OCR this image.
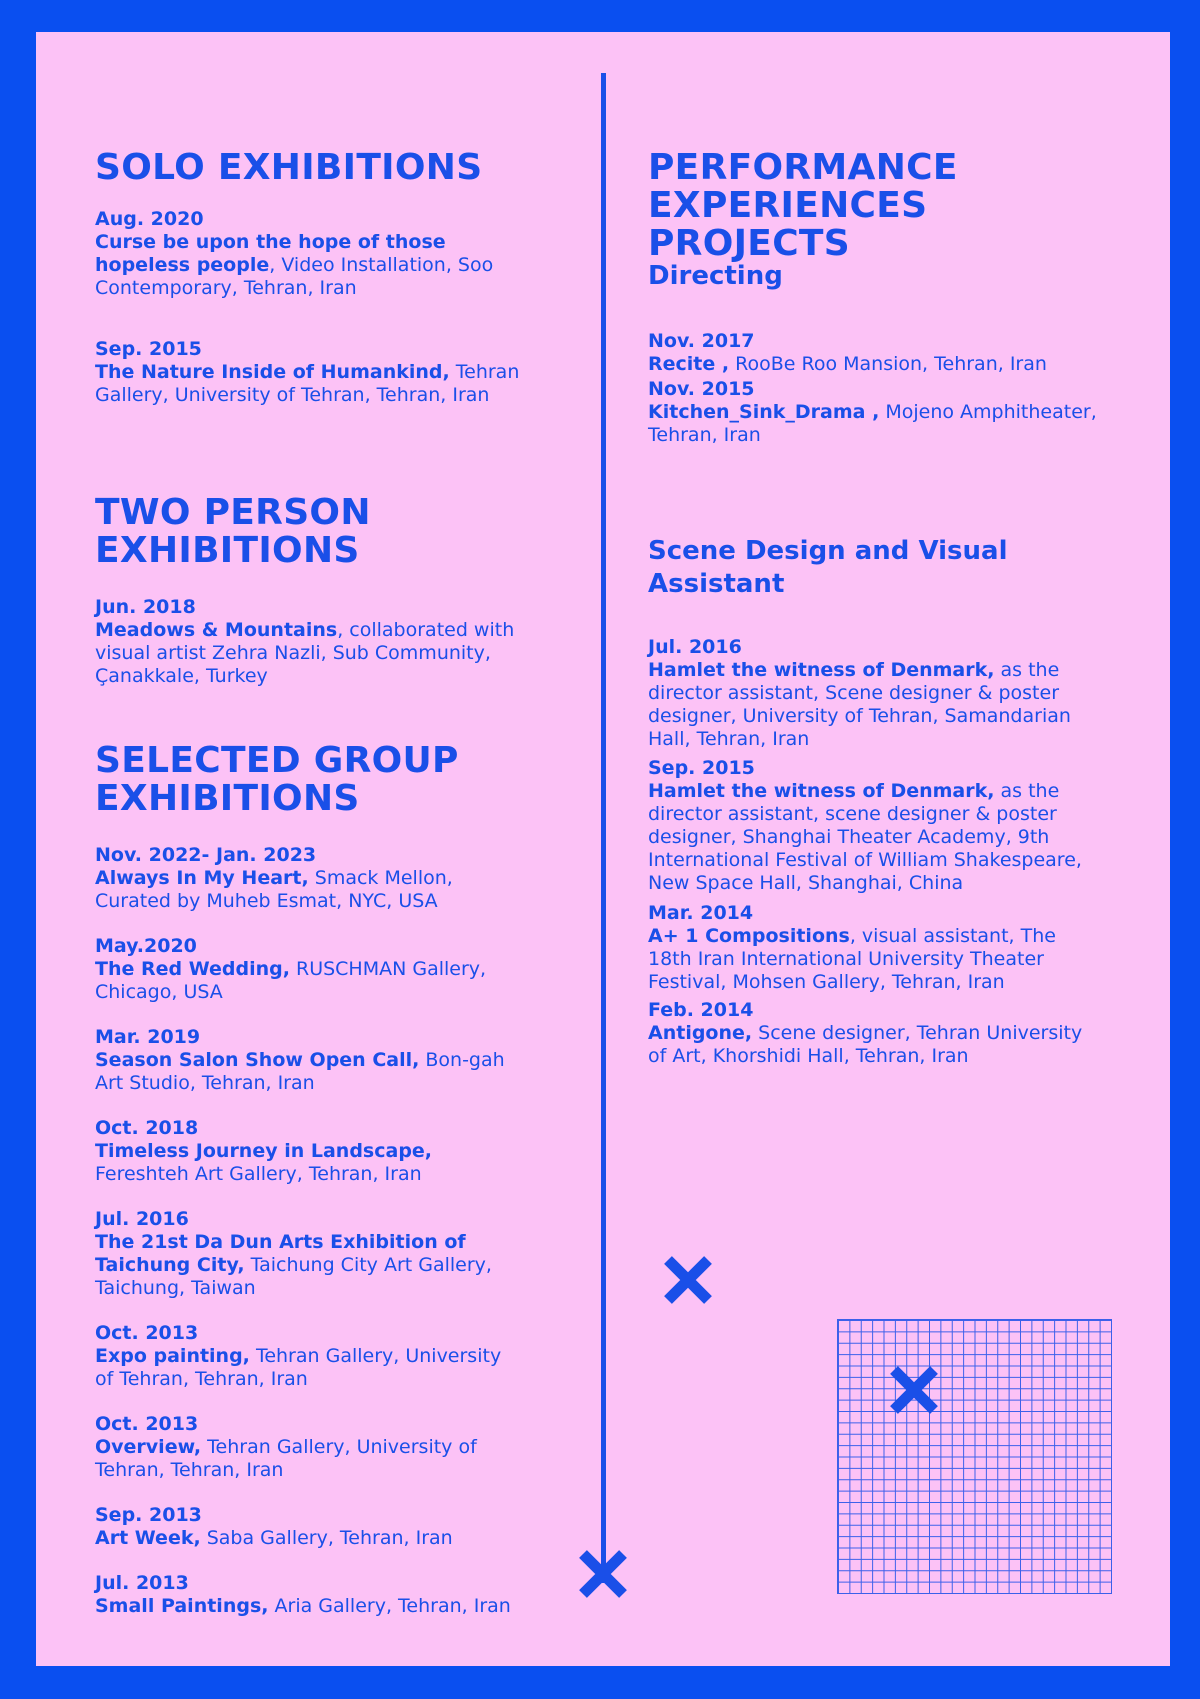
SOLO EXHIBITIONS
Aug. 2020
Curse be upon the hope of those hopeless people, Video Installation, Soo Contemporary, Tehran, Iran
Sep. 2015
The Nature Inside of Humankind, Tehran Gallery, University of Tehran, Tehran, Iran
TWO PERSON EXHIBITIONS
Jun. 2018
Meadows & Mountains, collaborated with visual artist Zehra Nazli, Sub Community, Çanakkale, Turkey
SELECTED GROUP EXHIBITIONS
Nov. 2022- Jan. 2023
Always In My Heart, Smack Mellon, Curated by Muheb Esmat, NYC, USA
May.2020
The Red Wedding, RUSCHMAN Gallery, Chicago, USA
Mar. 2019
Season Salon Show Open Call, Bon-gah Art Studio, Tehran, Iran
Oct. 2018
Timeless Journey in Landscape, Fereshteh Art Gallery, Tehran, Iran
Jul. 2016
The 21st Da Dun Arts Exhibition of Taichung City, Taichung City Art Gallery, Taichung, Taiwan
Oct. 2013
Expo painting, Tehran Gallery, University of Tehran, Tehran, Iran
Oct. 2013
Overview, Tehran Gallery, University of Tehran, Tehran, Iran
Sep. 2013
Art Week, Saba Gallery, Tehran, Iran
Jul. 2013
Small Paintings, Aria Gallery, Tehran, Iran
PERFORMANCE EXPERIENCES PROJECTS
Directing
Nov. 2017
Recite , RooBe Roo Mansion, Tehran, Iran
Nov. 2015
Kitchen_Sink_Drama , Mojeno Amphitheater, Tehran, Iran
Scene Design and Visual Assistant
Jul. 2016
Hamlet the witness of Denmark, as the director assistant, Scene designer & poster designer, University of Tehran, Samandarian Hall, Tehran, Iran
Sep. 2015
Hamlet the witness of Denmark, as the director assistant, scene designer & poster designer, Shanghai Theater Academy, 9th International Festival of William Shakespeare, New Space Hall, Shanghai, China
Mar. 2014
A+ 1 Compositions, visual assistant, The 18th Iran International University Theater Festival, Mohsen Gallery, Tehran, Iran
Feb. 2014
Antigone, Scene designer, Tehran University of Art, Khorshidi Hall, Tehran, Iran
